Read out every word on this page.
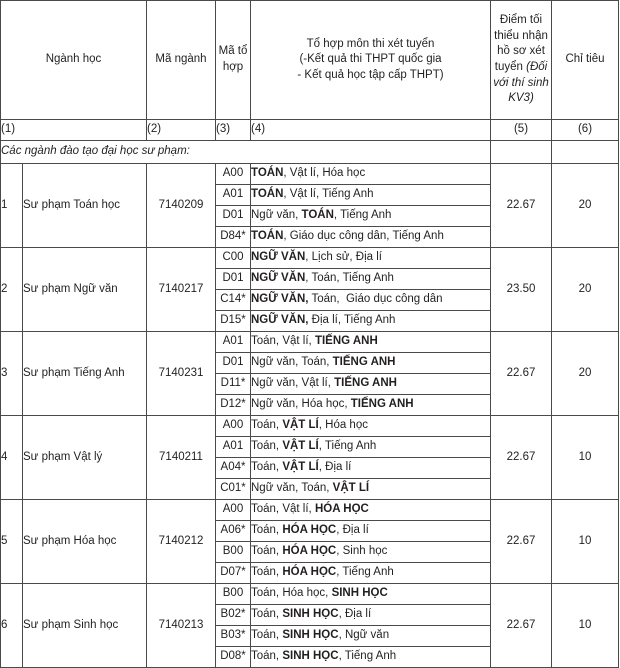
Ngành học		Mã ngành	Mã tổ hợp	Tổ hợp môn thi xét tuyển
(-Kết quả thi THPT quốc gia
- Kết quả học tập cấp THPT)	Điểm tối thiểu nhận hồ sơ xét tuyển (Đối với thí sinh KV3)	Chỉ tiêu
(1)		(2)	(3)	(4)	(5)	(6)
Các ngành đào tạo đại học sư phạm:						
1	Sư phạm Toán học	7140209	A00	TOÁN, Vật lí, Hóa học	22.67	20
			A01	TOÁN, Vật lí, Tiếng Anh		
			D01	Ngữ văn, TOÁN, Tiếng Anh		
			D84*	TOÁN, Giáo dục công dân, Tiếng Anh		
2	Sư phạm Ngữ văn	7140217	C00	NGỮ VĂN, Lịch sử, Địa lí	23.50	20
			D01	NGỮ VĂN, Toán, Tiếng Anh		
			C14*	NGỮ VĂN, Toán,  Giáo dục công dân		
			D15*	NGỮ VĂN, Địa lí, Tiếng Anh		
3	Sư phạm Tiếng Anh	7140231	A01	Toán, Vật lí, TIẾNG ANH	22.67	20
			D01	Ngữ văn, Toán, TIẾNG ANH		
			D11*	Ngữ văn, Vật lí, TIẾNG ANH		
			D12*	Ngữ văn, Hóa học, TIẾNG ANH		
4	Sư phạm Vật lý	7140211	A00	Toán, VẬT LÍ, Hóa học	22.67	10
			A01	Toán, VẬT LÍ, Tiếng Anh		
			A04*	Toán, VẬT LÍ, Địa lí		
			C01*	Ngữ văn, Toán, VẬT LÍ		
5	Sư phạm Hóa học	7140212	A00	Toán, Vật lí, HÓA HỌC	22.67	10
			A06*	Toán, HÓA HỌC, Địa lí		
			B00	Toán, HÓA HỌC, Sinh học		
			D07*	Toán, HÓA HỌC, Tiếng Anh		
6	Sư phạm Sinh học	7140213	B00	Toán, Hóa học, SINH HỌC	22.67	10
			B02*	Toán, SINH HỌC, Địa lí		
			B03*	Toán, SINH HỌC, Ngữ văn		
			D08*	Toán, SINH HỌC, Tiếng Anh		
